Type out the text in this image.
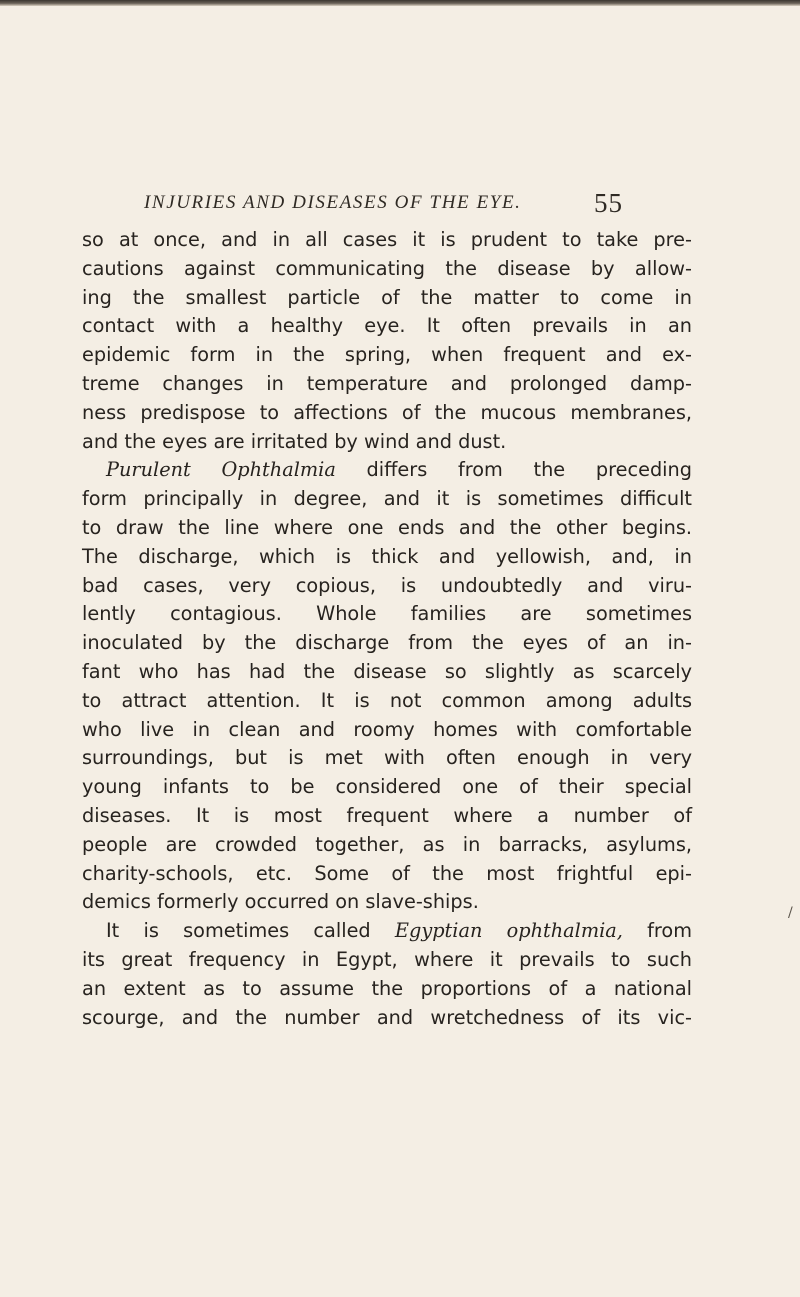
INJURIES AND DISEASES OF THE EYE.	55
so at once, and in all cases it is prudent to take pre-
cautions against communicating the disease by allow-
ing the smallest particle of the matter to come in
contact with a healthy eye. It often prevails in an
epidemic form in the spring, when frequent and ex-
treme changes in temperature and prolonged damp-
ness predispose to affections of the mucous membranes,
and the eyes are irritated by wind and dust.
Purulent Ophthalmia differs from the preceding
form principally in degree, and it is sometimes difficult
to draw the line where one ends and the other begins.
The discharge, which is thick and yellowish, and, in
bad cases, very copious, is undoubtedly and viru-
lently contagious. Whole families are sometimes
inoculated by the discharge from the eyes of an in-
fant who has had the disease so slightly as scarcely
to attract attention. It is not common among adults
who live in clean and roomy homes with comfortable
surroundings, but is met with often enough in very
young infants to be considered one of their special
diseases. It is most frequent where a number of
people are crowded together, as in barracks, asylums,
charity-schools, etc. Some of the most frightful epi-
demics formerly occurred on slave-ships.
It is sometimes called Egyptian ophthalmia, from
its great frequency in Egypt, where it prevails to such
an extent as to assume the proportions of a national
scourge, and the number and wretchedness of its vic-
/
